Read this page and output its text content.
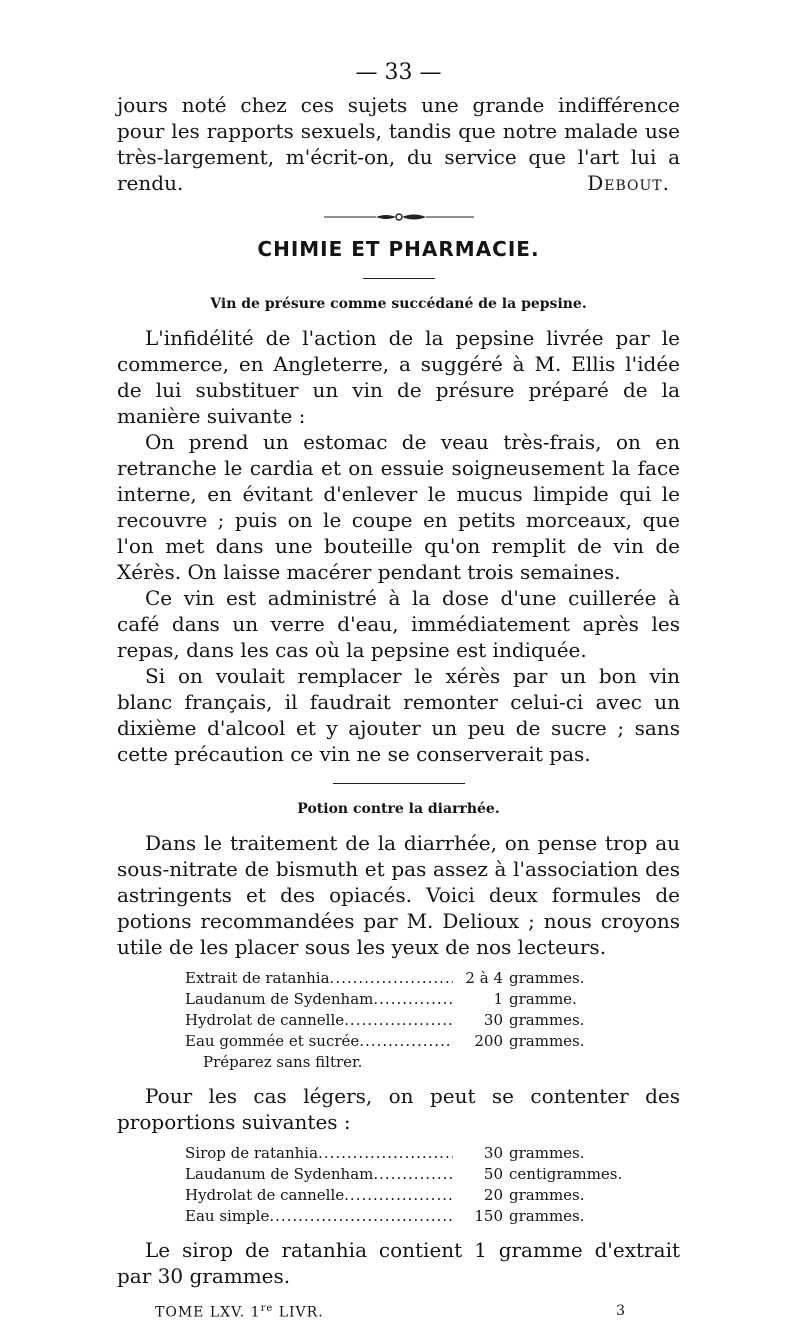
— 33 —

jours noté chez ces sujets une grande indifférence pour les rapports sexuels, tandis que notre malade use très-largement, m'écrit-on, du service que l'art lui a rendu.	Debout.

CHIMIE ET PHARMACIE.
Vin de présure comme succédané de la pepsine.

L'infidélité de l'action de la pepsine livrée par le commerce, en Angleterre, a suggéré à M. Ellis l'idée de lui substituer un vin de présure préparé de la manière suivante :

On prend un estomac de veau très-frais, on en retranche le cardia et on essuie soigneusement la face interne, en évitant d'enlever le mucus limpide qui le recouvre ; puis on le coupe en petits morceaux, que l'on met dans une bouteille qu'on remplit de vin de Xérès. On laisse macérer pendant trois semaines.

Ce vin est administré à la dose d'une cuillerée à café dans un verre d'eau, immédiatement après les repas, dans les cas où la pepsine est indiquée.

Si on voulait remplacer le xérès par un bon vin blanc français, il faudrait remonter celui-ci avec un dixième d'alcool et y ajouter un peu de sucre ; sans cette précaution ce vin ne se conserverait pas.

Potion contre la diarrhée.

Dans le traitement de la diarrhée, on pense trop au sous-nitrate de bismuth et pas assez à l'association des astringents et des opiacés. Voici deux formules de potions recommandées par M. Delioux ; nous croyons utile de les placer sous les yeux de nos lecteurs.

Extrait de ratanhia .....	2 à 4 grammes.
Laudanum de Sydenham .....	1 gramme.
Hydrolat de cannelle .....	30 grammes.
Eau gommée et sucrée .....	200 grammes.
Préparez sans filtrer.

Pour les cas légers, on peut se contenter des proportions suivantes :

Sirop de ratanhia .....	30 grammes.
Laudanum de Sydenham .....	50 centigrammes.
Hydrolat de cannelle .....	20 grammes.
Eau simple .....	150 grammes.

Le sirop de ratanhia contient 1 gramme d'extrait par 30 grammes.

TOME LXV. 1re LIVR.	3
